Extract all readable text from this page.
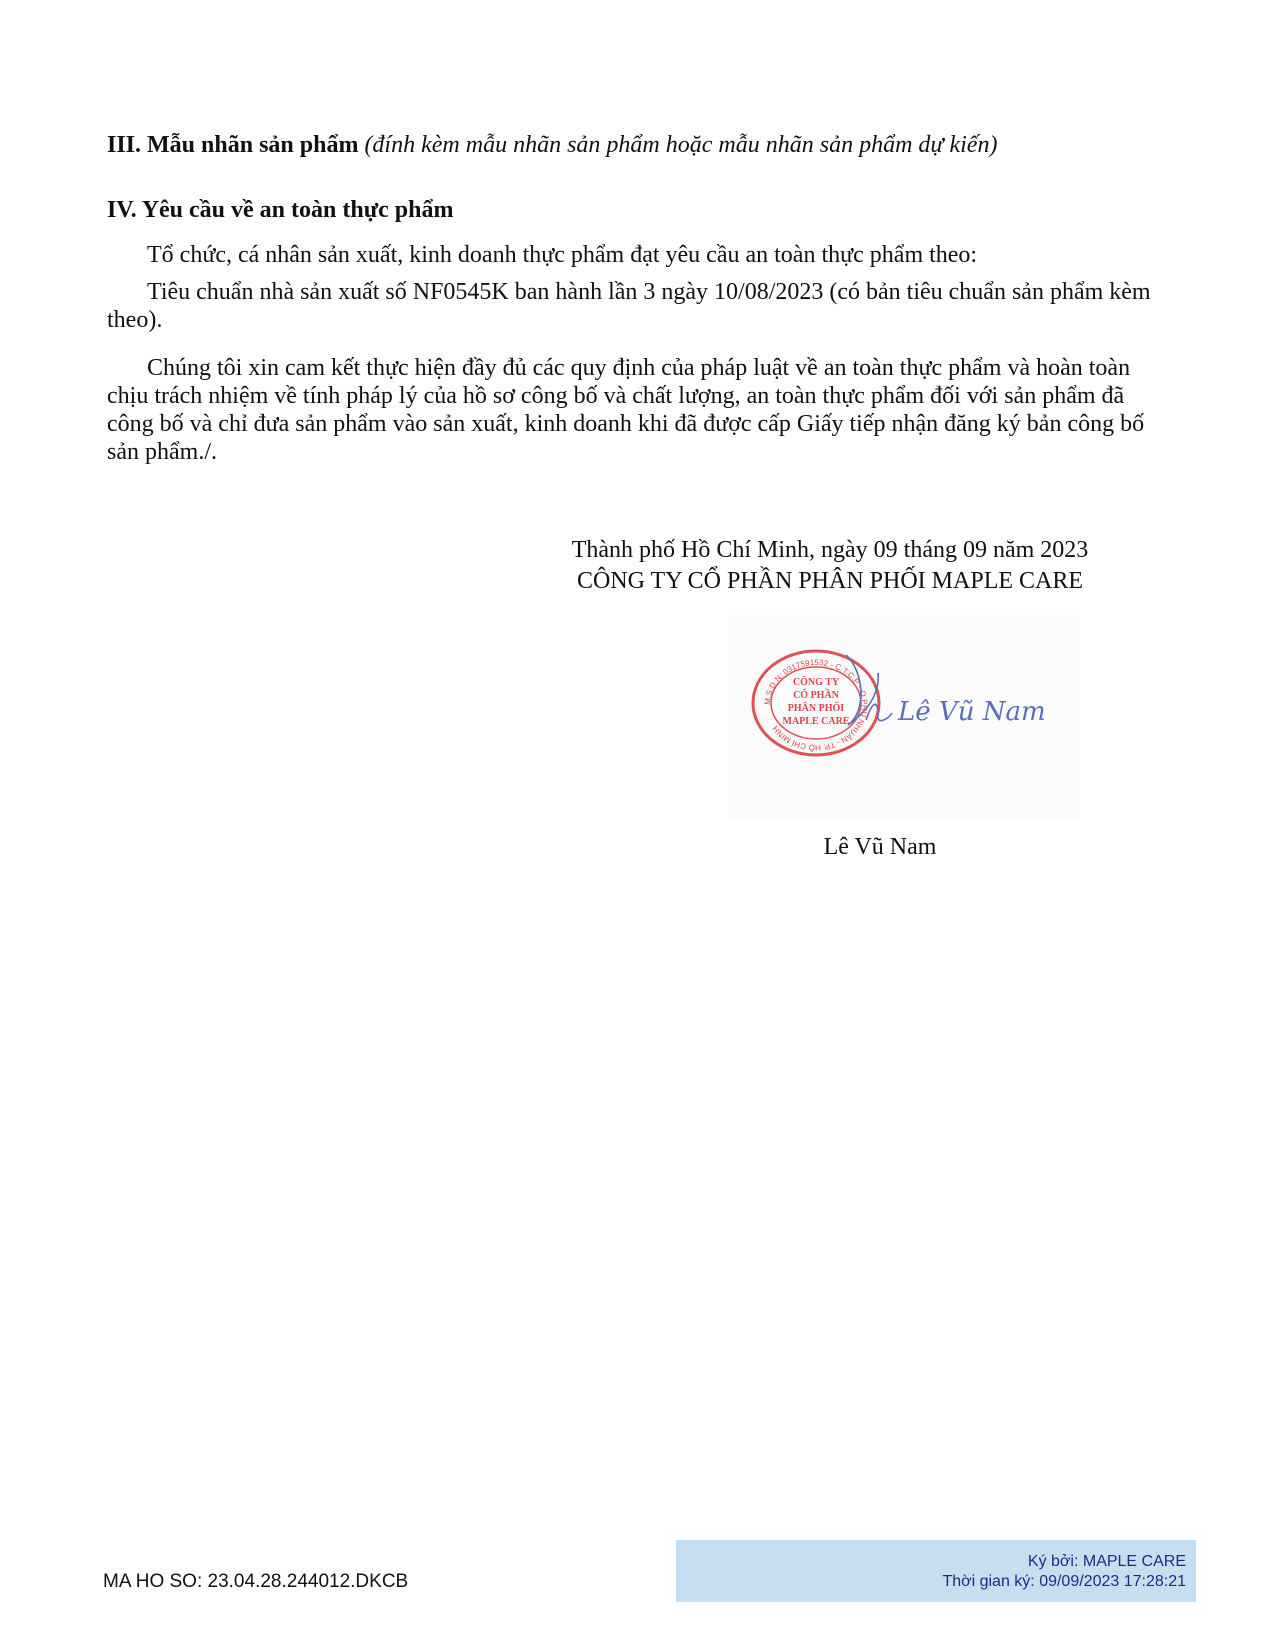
III. Mẫu nhãn sản phẩm (đính kèm mẫu nhãn sản phẩm hoặc mẫu nhãn sản phẩm dự kiến)
IV. Yêu cầu về an toàn thực phẩm
Tổ chức, cá nhân sản xuất, kinh doanh thực phẩm đạt yêu cầu an toàn thực phẩm theo:
Tiêu chuẩn nhà sản xuất số NF0545K ban hành lần 3 ngày 10/08/2023 (có bản tiêu chuẩn sản phẩm kèm theo).
Chúng tôi xin cam kết thực hiện đầy đủ các quy định của pháp luật về an toàn thực phẩm và hoàn toàn chịu trách nhiệm về tính pháp lý của hồ sơ công bố và chất lượng, an toàn thực phẩm đối với sản phẩm đã công bố và chỉ đưa sản phẩm vào sản xuất, kinh doanh khi đã được cấp Giấy tiếp nhận đăng ký bản công bố sản phẩm./.
Thành phố Hồ Chí Minh, ngày 09 tháng 09 năm 2023
CÔNG TY CỔ PHẦN PHÂN PHỐI MAPLE CARE
M.S.D.N: 0317591532 - C.T.C.P - Q.PHÚ NHUẬN - TP. HỒ CHÍ MINH
CÔNG TY
CỔ PHẦN
PHÂN PHỐI
MAPLE CARE Lê Vũ Nam
Lê Vũ Nam
MA HO SO: 23.04.28.244012.DKCB
Ký bởi: MAPLE CARE
Thời gian ký: 09/09/2023 17:28:21
